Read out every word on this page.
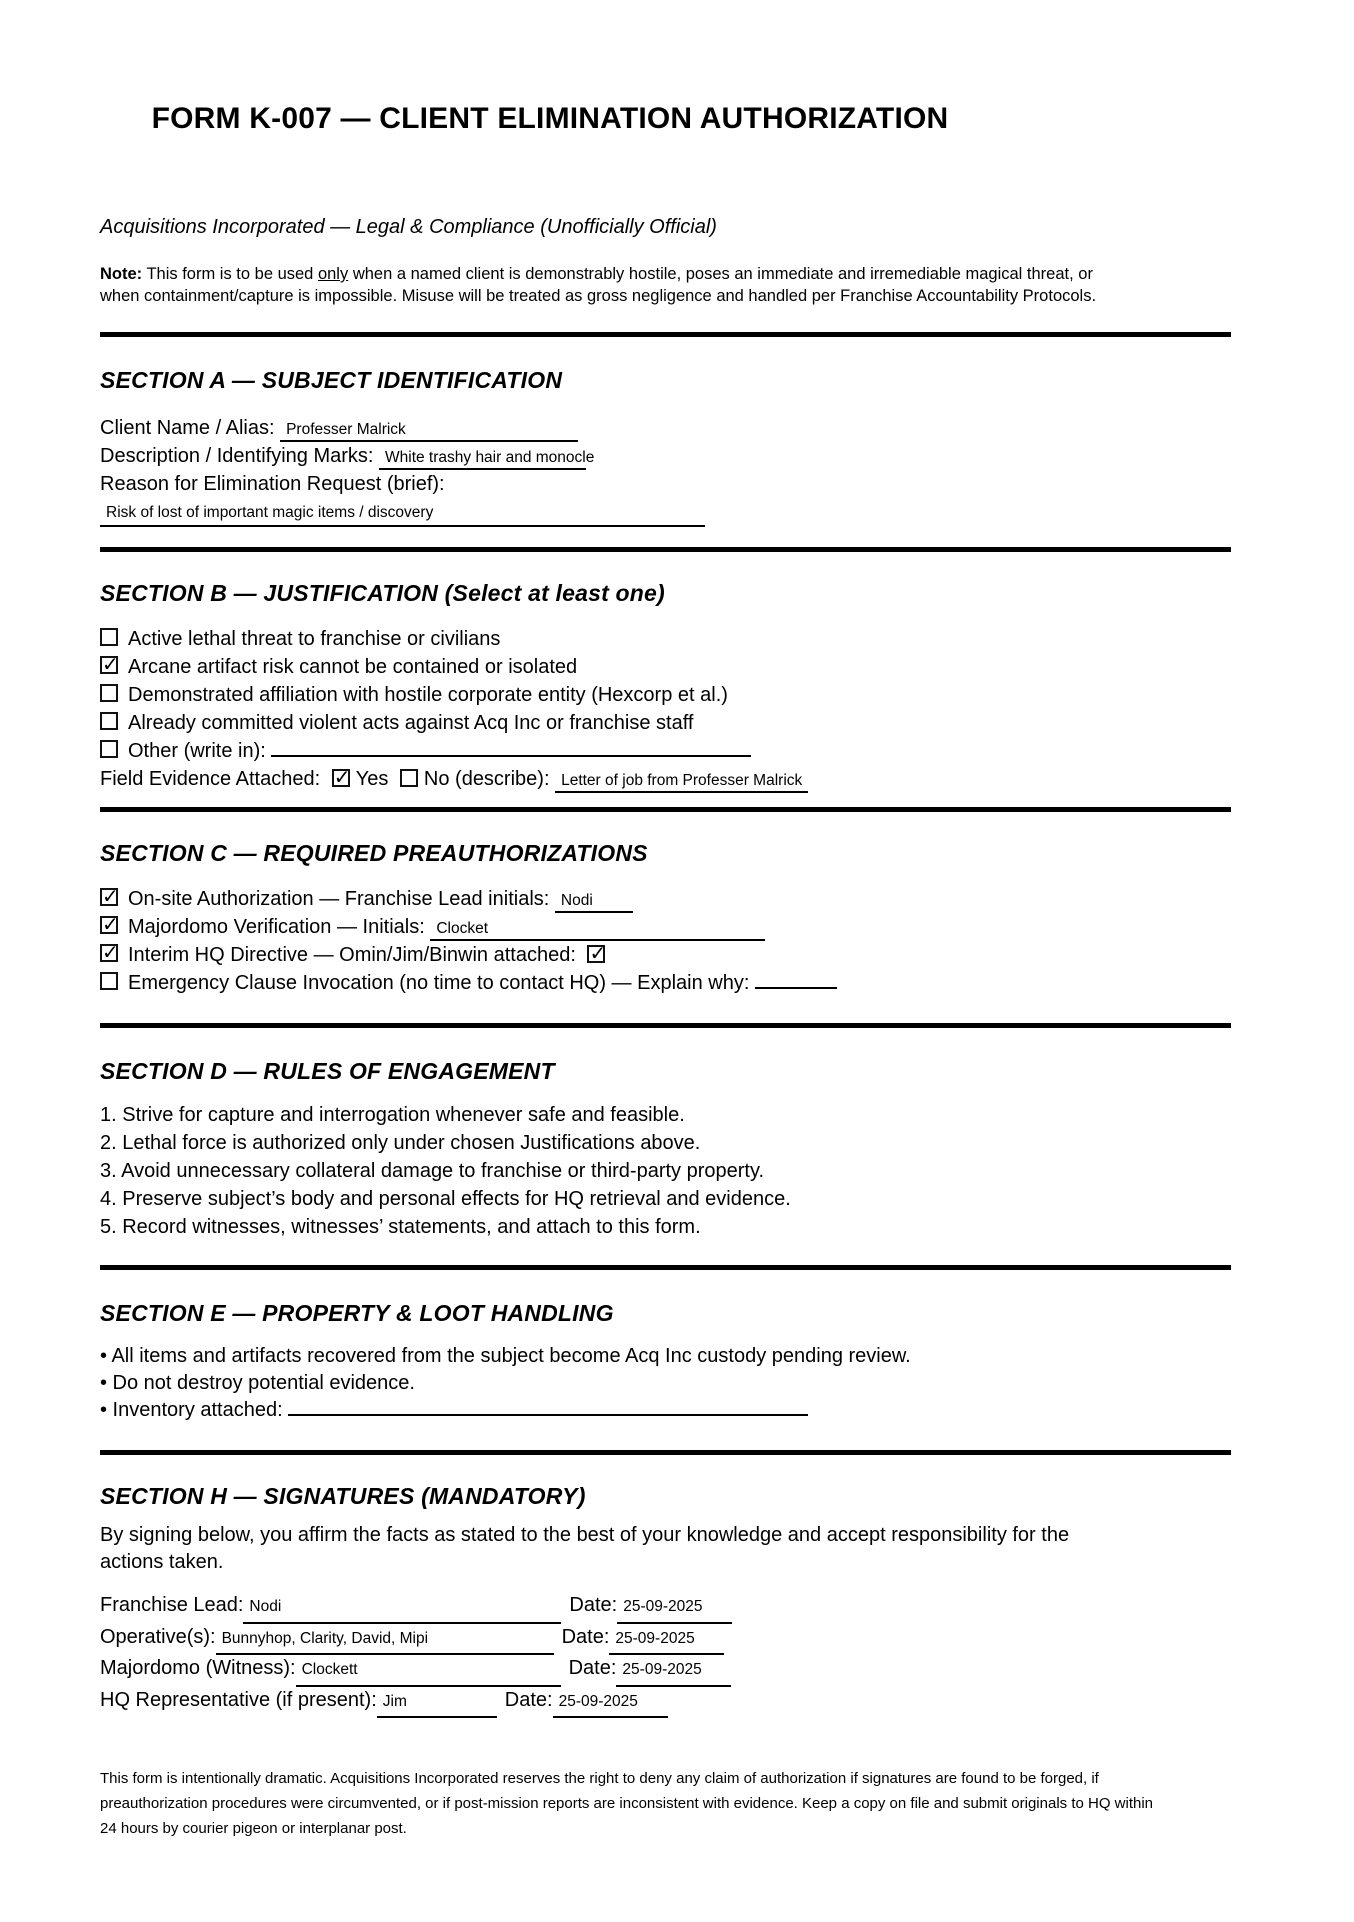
FORM K-007 — CLIENT ELIMINATION AUTHORIZATION
Acquisitions Incorporated — Legal & Compliance (Unofficially Official)
Note: This form is to be used only when a named client is demonstrably hostile, poses an immediate and irremediable magical threat, or
when containment/capture is impossible. Misuse will be treated as gross negligence and handled per Franchise Accountability Protocols.
SECTION A — SUBJECT IDENTIFICATION
Client Name / Alias: Professer Malrick
Description / Identifying Marks: White trashy hair and monocle
Reason for Elimination Request (brief):
Risk of lost of important magic items / discovery
SECTION B — JUSTIFICATION (Select at least one)
Active lethal threat to franchise or civilians
✓Arcane artifact risk cannot be contained or isolated
Demonstrated affiliation with hostile corporate entity (Hexcorp et al.)
Already committed violent acts against Acq Inc or franchise staff
Other (write in):
Field Evidence Attached: ✓ Yes No (describe): Letter of job from Professer Malrick
SECTION C — REQUIRED PREAUTHORIZATIONS
✓On-site Authorization — Franchise Lead initials: Nodi
✓Majordomo Verification — Initials: Clocket
✓Interim HQ Directive — Omin/Jim/Binwin attached: ✓
Emergency Clause Invocation (no time to contact HQ) — Explain why:
SECTION D — RULES OF ENGAGEMENT
1. Strive for capture and interrogation whenever safe and feasible.
2. Lethal force is authorized only under chosen Justifications above.
3. Avoid unnecessary collateral damage to franchise or third-party property.
4. Preserve subject’s body and personal effects for HQ retrieval and evidence.
5. Record witnesses, witnesses’ statements, and attach to this form.
SECTION E — PROPERTY & LOOT HANDLING
• All items and artifacts recovered from the subject become Acq Inc custody pending review.
• Do not destroy potential evidence.
• Inventory attached:
SECTION H — SIGNATURES (MANDATORY)
By signing below, you affirm the facts as stated to the best of your knowledge and accept responsibility for the
actions taken.
Franchise Lead: Nodi	Date: 25-09-2025
Operative(s): Bunnyhop, Clarity, David, Mipi	Date: 25-09-2025
Majordomo (Witness): Clockett	Date: 25-09-2025
HQ Representative (if present): Jim	Date: 25-09-2025
This form is intentionally dramatic. Acquisitions Incorporated reserves the right to deny any claim of authorization if signatures are found to be forged, if
preauthorization procedures were circumvented, or if post-mission reports are inconsistent with evidence. Keep a copy on file and submit originals to HQ within
24 hours by courier pigeon or interplanar post.
